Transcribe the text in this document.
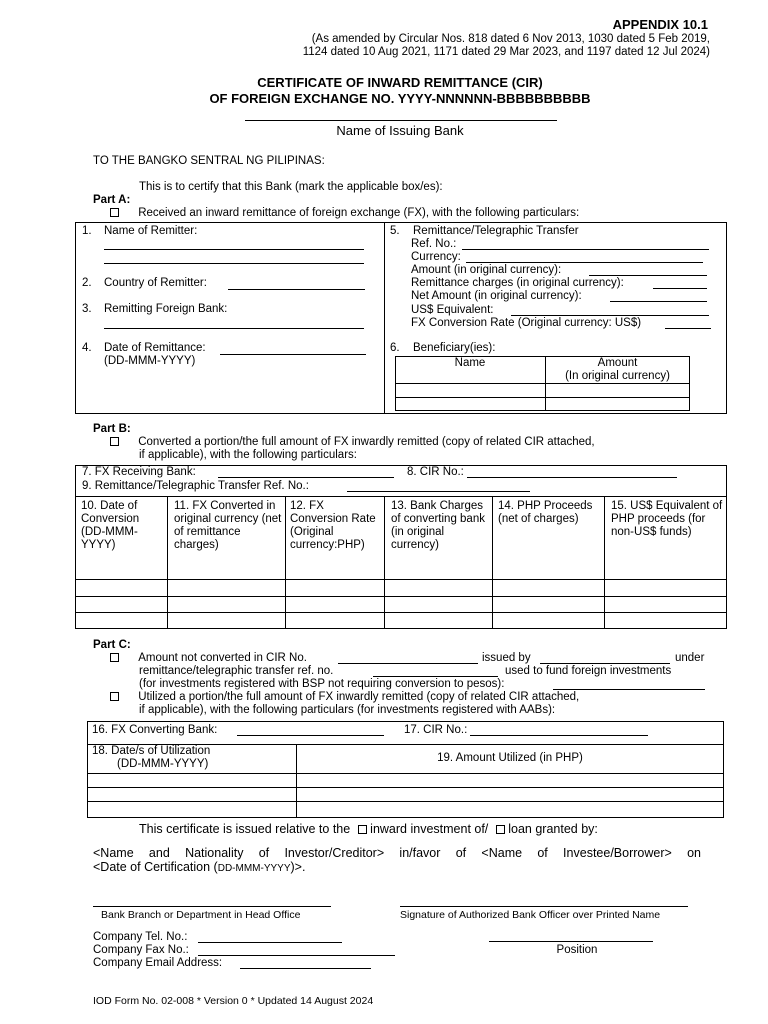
APPENDIX 10.1
(As amended by Circular Nos. 818 dated 6 Nov 2013, 1030 dated 5 Feb 2019,
1124 dated 10 Aug 2021, 1171 dated 29 Mar 2023, and 1197 dated 12 Jul 2024)
CERTIFICATE OF INWARD REMITTANCE (CIR)
OF FOREIGN EXCHANGE NO. YYYY-NNNNNN-BBBBBBBBBB
Name of Issuing Bank
TO THE BANGKO SENTRAL NG PILIPINAS:
This is to certify that this Bank (mark the applicable box/es):
Part A:
Received an inward remittance of foreign exchange (FX), with the following particulars:
1. Name of Remitter:
2. Country of Remitter:
3. Remitting Foreign Bank:
4. Date of Remittance:
(DD-MMM-YYYY)
5. Remittance/Telegraphic Transfer
Ref. No.:
Currency:
Amount (in original currency):
Remittance charges (in original currency):
Net Amount (in original currency):
US$ Equivalent:
FX Conversion Rate (Original currency: US$)
6. Beneficiary(ies):
Name	Amount
(In original currency)
Part B:
Converted a portion/the full amount of FX inwardly remitted (copy of related CIR attached,
if applicable), with the following particulars:
7. FX Receiving Bank:	8. CIR No.:
9. Remittance/Telegraphic Transfer Ref. No.:
10. Date of Conversion (DD-MMM-YYYY)
11. FX Converted in original currency (net of remittance charges)
12. FX Conversion Rate (Original currency:PHP)
13. Bank Charges of converting bank (in original currency)
14. PHP Proceeds (net of charges)
15. US$ Equivalent of PHP proceeds (for non-US$ funds)
Part C:
Amount not converted in CIR No.	issued by	under
remittance/telegraphic transfer ref. no.	used to fund foreign investments
(for investments registered with BSP not requiring conversion to pesos):
Utilized a portion/the full amount of FX inwardly remitted (copy of related CIR attached,
if applicable), with the following particulars (for investments registered with AABs):
16. FX Converting Bank:	17. CIR No.:
18. Date/s of Utilization
(DD-MMM-YYYY)	19. Amount Utilized (in PHP)
This certificate is issued relative to the inward investment of/ loan granted by:
<Name and Nationality of Investor/Creditor> in/favor of <Name of Investee/Borrower> on
<Date of Certification (DD-MMM-YYYY)>.
Bank Branch or Department in Head Office	Signature of Authorized Bank Officer over Printed Name
Company Tel. No.:
Company Fax No.:
Company Email Address:
Position
IOD Form No. 02-008 * Version 0 * Updated 14 August 2024
